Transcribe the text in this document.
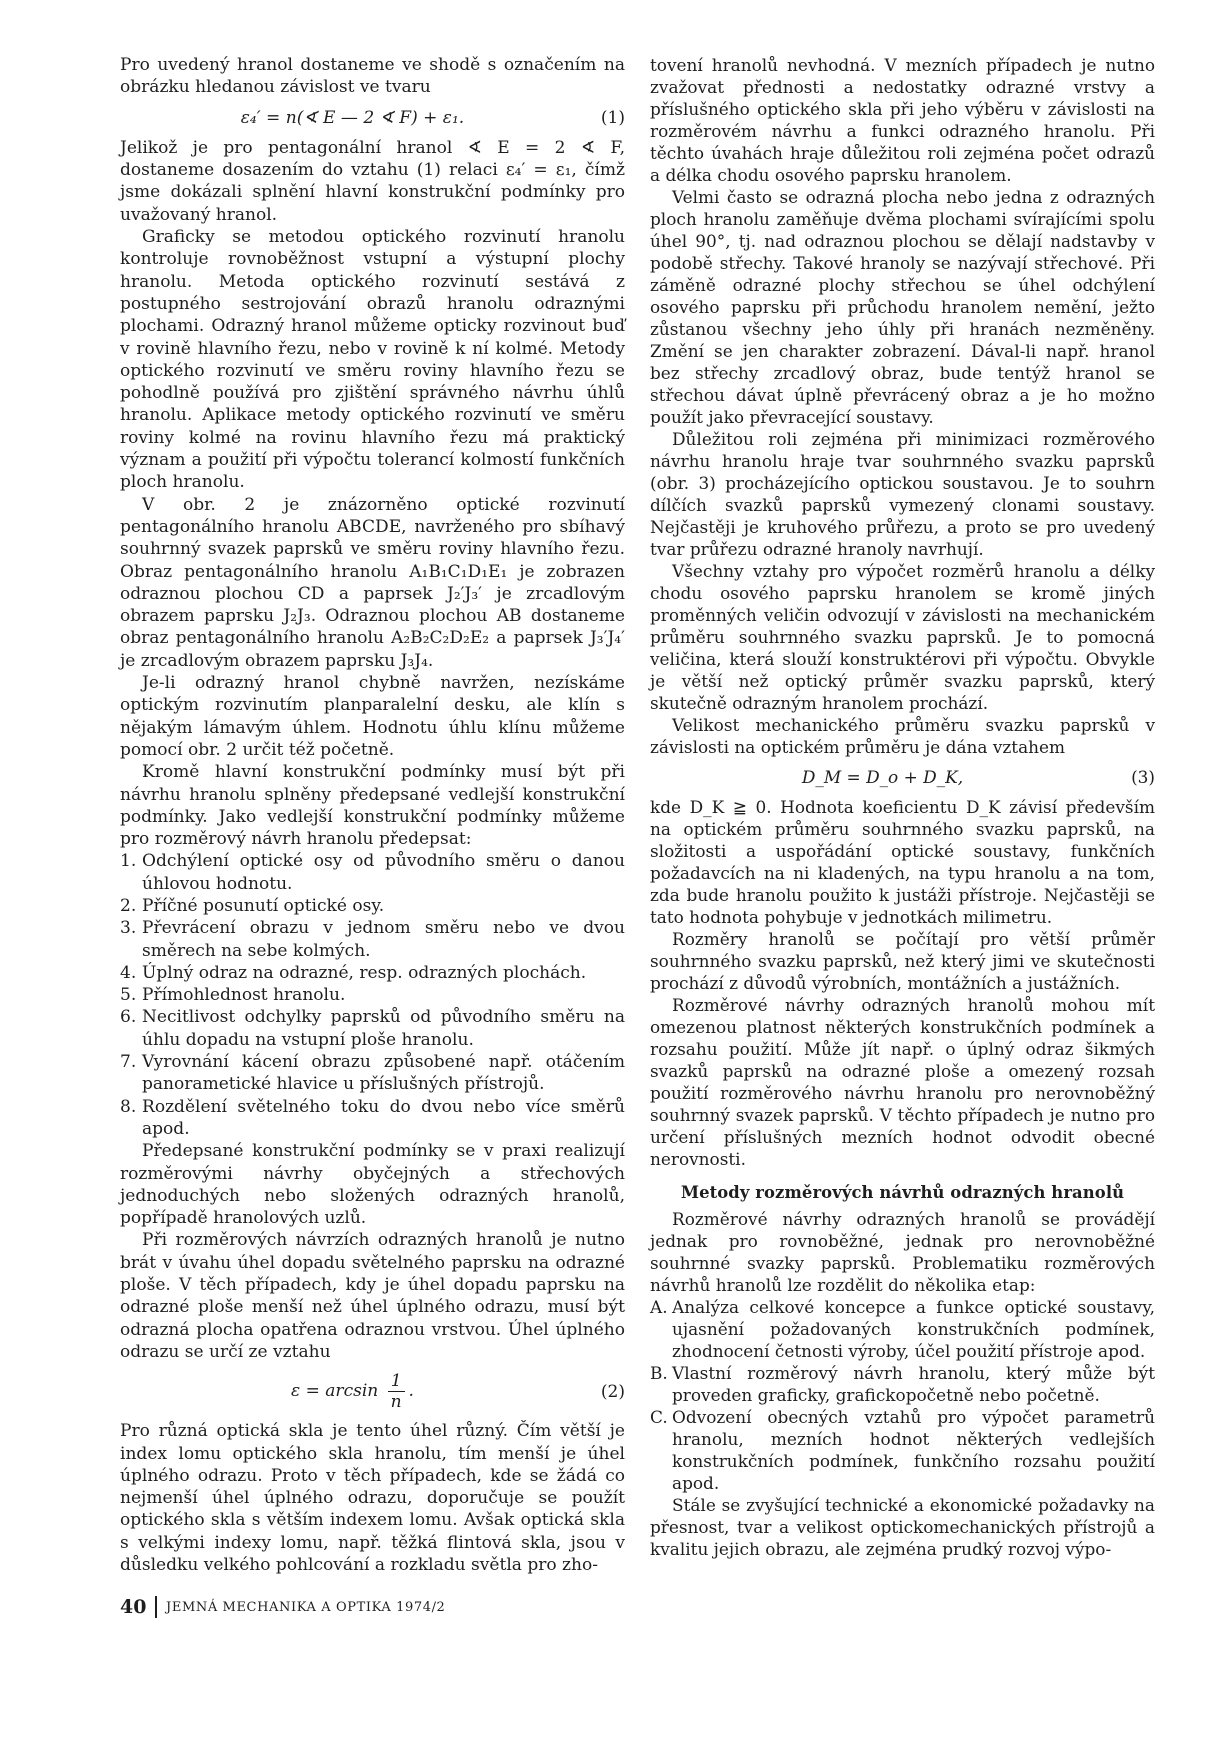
Pro uvedený hranol dostaneme ve shodě s označením na obrázku hledanou závislost ve tvaru

ε₄′ = n(∢ E — 2 ∢ F) + ε₁.	(1)

Jelikož je pro pentagonální hranol ∢ E = 2 ∢ F, dostaneme dosazením do vztahu (1) relaci ε₄′ = ε₁, čímž jsme dokázali splnění hlavní konstrukční podmínky pro uvažovaný hranol.

Graficky se metodou optického rozvinutí hranolu kontroluje rovnoběžnost vstupní a výstupní plochy hranolu. Metoda optického rozvinutí sestává z postupného sestrojování obrazů hranolu odraznými plochami. Odrazný hranol můžeme opticky rozvinout buď v rovině hlavního řezu, nebo v rovině k ní kolmé. Metody optického rozvinutí ve směru roviny hlavního řezu se pohodlně používá pro zjištění správného návrhu úhlů hranolu. Aplikace metody optického rozvinutí ve směru roviny kolmé na rovinu hlavního řezu má praktický význam a použití při výpočtu tolerancí kolmostí funkčních ploch hranolu.

V obr. 2 je znázorněno optické rozvinutí pentagonálního hranolu ABCDE, navrženého pro sbíhavý souhrnný svazek paprsků ve směru roviny hlavního řezu. Obraz pentagonálního hranolu A₁B₁C₁D₁E₁ je zobrazen odraznou plochou CD a paprsek J₂′J₃′ je zrcadlovým obrazem paprsku J₂J₃. Odraznou plochou AB dostaneme obraz pentagonálního hranolu A₂B₂C₂D₂E₂ a paprsek J₃′J₄′ je zrcadlovým obrazem paprsku J₃J₄.

Je-li odrazný hranol chybně navržen, nezískáme optickým rozvinutím planparalelní desku, ale klín s nějakým lámavým úhlem. Hodnotu úhlu klínu můžeme pomocí obr. 2 určit též početně.

Kromě hlavní konstrukční podmínky musí být při návrhu hranolu splněny předepsané vedlejší konstrukční podmínky. Jako vedlejší konstrukční podmínky můžeme pro rozměrový návrh hranolu předepsat:

1. Odchýlení optické osy od původního směru o danou úhlovou hodnotu.
2. Příčné posunutí optické osy.
3. Převrácení obrazu v jednom směru nebo ve dvou směrech na sebe kolmých.
4. Úplný odraz na odrazné, resp. odrazných plochách.
5. Přímohlednost hranolu.
6. Necitlivost odchylky paprsků od původního směru na úhlu dopadu na vstupní ploše hranolu.
7. Vyrovnání kácení obrazu způsobené např. otáčením panorametické hlavice u příslušných přístrojů.
8. Rozdělení světelného toku do dvou nebo více směrů apod.

Předepsané konstrukční podmínky se v praxi realizují rozměrovými návrhy obyčejných a střechových jednoduchých nebo složených odrazných hranolů, popřípadě hranolových uzlů.

Při rozměrových návrzích odrazných hranolů je nutno brát v úvahu úhel dopadu světelného paprsku na odrazné ploše. V těch případech, kdy je úhel dopadu paprsku na odrazné ploše menší než úhel úplného odrazu, musí být odrazná plocha opatřena odraznou vrstvou. Úhel úplného odrazu se určí ze vztahu

$\varepsilon = \arcsin \frac{1}{n}$ .	(2)

Pro různá optická skla je tento úhel různý. Čím větší je index lomu optického skla hranolu, tím menší je úhel úplného odrazu. Proto v těch případech, kde se žádá co nejmenší úhel úplného odrazu, doporučuje se použít optického skla s větším indexem lomu. Avšak optická skla s velkými indexy lomu, např. těžká flintová skla, jsou v důsledku velkého pohlcování a rozkladu světla pro zho-

tovení hranolů nevhodná. V mezních případech je nutno zvažovat přednosti a nedostatky odrazné vrstvy a příslušného optického skla při jeho výběru v závislosti na rozměrovém návrhu a funkci odrazného hranolu. Při těchto úvahách hraje důležitou roli zejména počet odrazů a délka chodu osového paprsku hranolem.

Velmi často se odrazná plocha nebo jedna z odrazných ploch hranolu zaměňuje dvěma plochami svírajícími spolu úhel 90°, tj. nad odraznou plochou se dělají nadstavby v podobě střechy. Takové hranoly se nazývají střechové. Při záměně odrazné plochy střechou se úhel odchýlení osového paprsku při průchodu hranolem nemění, ježto zůstanou všechny jeho úhly při hranách nezměněny. Změní se jen charakter zobrazení. Dával-li např. hranol bez střechy zrcadlový obraz, bude tentýž hranol se střechou dávat úplně převrácený obraz a je ho možno použít jako převracející soustavy.

Důležitou roli zejména při minimizaci rozměrového návrhu hranolu hraje tvar souhrnného svazku paprsků (obr. 3) procházejícího optickou soustavou. Je to souhrn dílčích svazků paprsků vymezený clonami soustavy. Nejčastěji je kruhového průřezu, a proto se pro uvedený tvar průřezu odrazné hranoly navrhují.

Všechny vztahy pro výpočet rozměrů hranolu a délky chodu osového paprsku hranolem se kromě jiných proměnných veličin odvozují v závislosti na mechanickém průměru souhrnného svazku paprsků. Je to pomocná veličina, která slouží konstruktérovi při výpočtu. Obvykle je větší než optický průměr svazku paprsků, který skutečně odrazným hranolem prochází.

Velikost mechanického průměru svazku paprsků v závislosti na optickém průměru je dána vztahem

D_M = D_o + D_K,	(3)

kde D_K ≧ 0. Hodnota koeficientu D_K závisí především na optickém průměru souhrnného svazku paprsků, na složitosti a uspořádání optické soustavy, funkčních požadavcích na ni kladených, na typu hranolu a na tom, zda bude hranolu použito k justáži přístroje. Nejčastěji se tato hodnota pohybuje v jednotkách milimetru.

Rozměry hranolů se počítají pro větší průměr souhrnného svazku paprsků, než který jimi ve skutečnosti prochází z důvodů výrobních, montážních a justážních.

Rozměrové návrhy odrazných hranolů mohou mít omezenou platnost některých konstrukčních podmínek a rozsahu použití. Může jít např. o úplný odraz šikmých svazků paprsků na odrazné ploše a omezený rozsah použití rozměrového návrhu hranolu pro nerovnoběžný souhrnný svazek paprsků. V těchto případech je nutno pro určení příslušných mezních hodnot odvodit obecné nerovnosti.

Metody rozměrových návrhů odrazných hranolů

Rozměrové návrhy odrazných hranolů se provádějí jednak pro rovnoběžné, jednak pro nerovnoběžné souhrnné svazky paprsků. Problematiku rozměrových návrhů hranolů lze rozdělit do několika etap:

A. Analýza celkové koncepce a funkce optické soustavy, ujasnění požadovaných konstrukčních podmínek, zhodnocení četnosti výroby, účel použití přístroje apod.
B. Vlastní rozměrový návrh hranolu, který může být proveden graficky, grafickopočetně nebo početně.
C. Odvození obecných vztahů pro výpočet parametrů hranolu, mezních hodnot některých vedlejších konstrukčních podmínek, funkčního rozsahu použití apod.

Stále se zvyšující technické a ekonomické požadavky na přesnost, tvar a velikost optickomechanických přístrojů a kvalitu jejich obrazu, ale zejména prudký rozvoj výpo-

40 JEMNÁ MECHANIKA A OPTIKA 1974/2
